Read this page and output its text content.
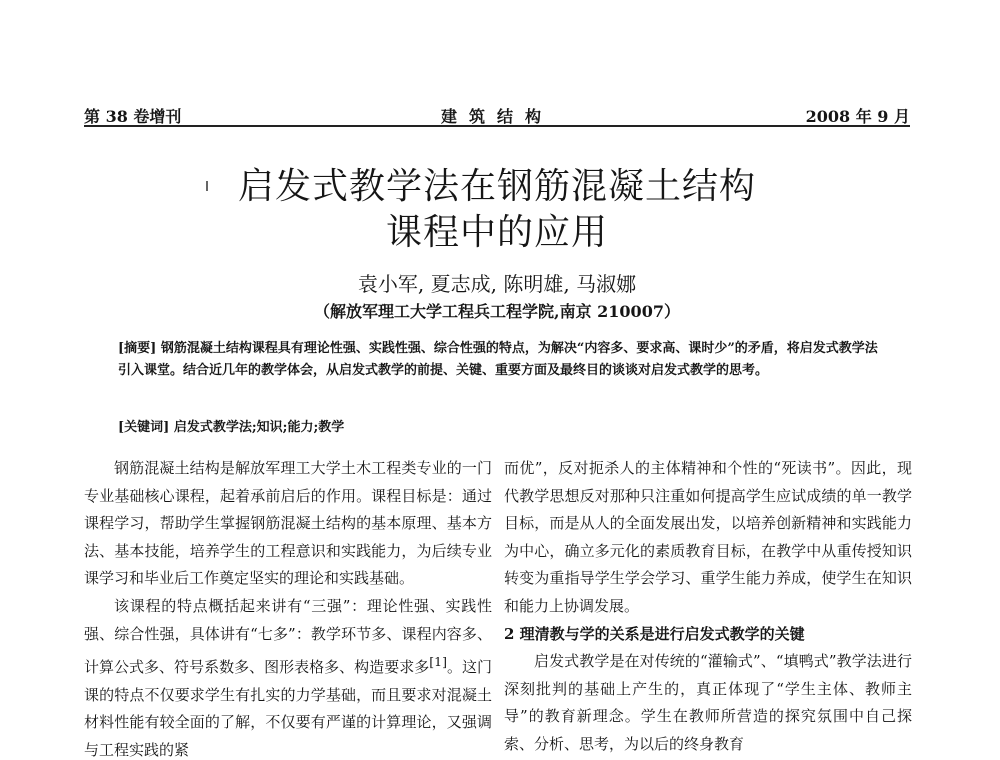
第 38 卷增刊	建筑结构	2008 年 9 月
启发式教学法在钢筋混凝土结构
课程中的应用
袁小军, 夏志成, 陈明雄, 马淑娜
（解放军理工大学工程兵工程学院,南京 210007）
[摘要] 钢筋混凝土结构课程具有理论性强、实践性强、综合性强的特点，为解决“内容多、要求高、课时少”的矛盾，将启发式教学法引入课堂。结合近几年的教学体会，从启发式教学的前提、关键、重要方面及最终目的谈谈对启发式教学的思考。
[关键词] 启发式教学法;知识;能力;教学

钢筋混凝土结构是解放军理工大学土木工程类专业的一门专业基础核心课程，起着承前启后的作用。课程目标是：通过课程学习，帮助学生掌握钢筋混凝土结构的基本原理、基本方法、基本技能，培养学生的工程意识和实践能力，为后续专业课学习和毕业后工作奠定坚实的理论和实践基础。

该课程的特点概括起来讲有“三强”：理论性强、实践性强、综合性强，具体讲有“七多”：教学环节多、课程内容多、计算公式多、符号系数多、图形表格多、构造要求多[1]。这门课的特点不仅要求学生有扎实的力学基础，而且要求对混凝土材料性能有较全面的了解，不仅要有严谨的计算理论，又强调与工程实践的紧

而优”，反对扼杀人的主体精神和个性的“死读书”。因此，现代教学思想反对那种只注重如何提高学生应试成绩的单一教学目标，而是从人的全面发展出发，以培养创新精神和实践能力为中心，确立多元化的素质教育目标，在教学中从重传授知识转变为重指导学生学会学习、重学生能力养成，使学生在知识和能力上协调发展。

2 理清教与学的关系是进行启发式教学的关键

启发式教学是在对传统的“灌输式”、“填鸭式”教学法进行深刻批判的基础上产生的，真正体现了“学生主体、教师主导”的教育新理念。学生在教师所营造的探究氛围中自己探索、分析、思考，为以后的终身教育
